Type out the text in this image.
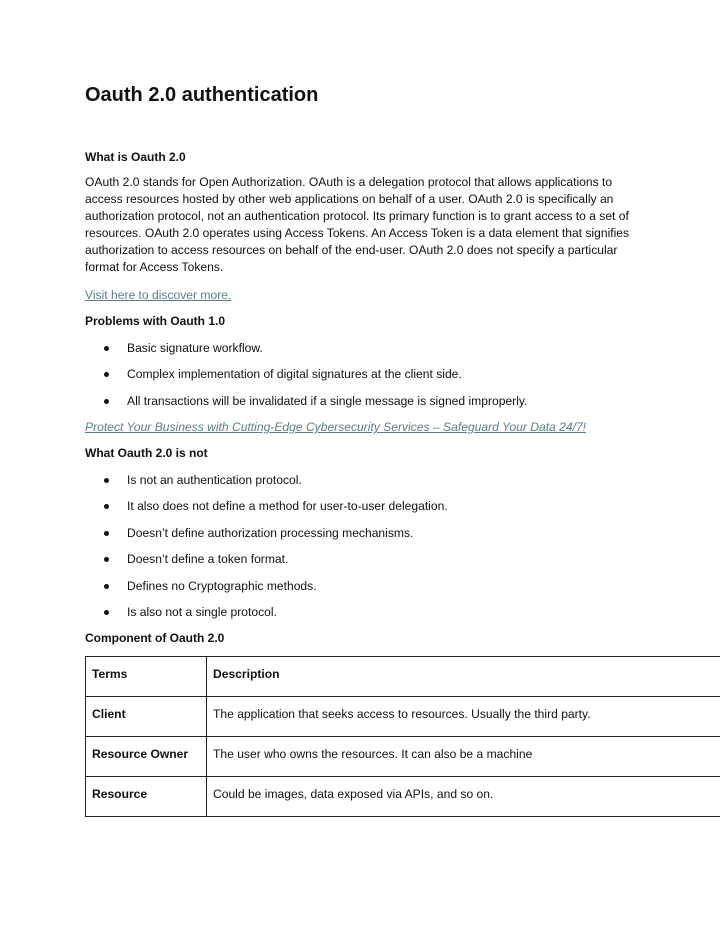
Oauth 2.0 authentication
What is Oauth 2.0

OAuth 2.0 stands for Open Authorization. OAuth is a delegation protocol that allows applications to access resources hosted by other web applications on behalf of a user. OAuth 2.0 is specifically an authorization protocol, not an authentication protocol. Its primary function is to grant access to a set of resources. OAuth 2.0 operates using Access Tokens. An Access Token is a data element that signifies authorization to access resources on behalf of the end-user. OAuth 2.0 does not specify a particular format for Access Tokens.

Visit here to discover more.
Problems with Oauth 1.0
Basic signature workflow.
Complex implementation of digital signatures at the client side.
All transactions will be invalidated if a single message is signed improperly.
Protect Your Business with Cutting-Edge Cybersecurity Services – Safeguard Your Data 24/7!
What Oauth 2.0 is not
Is not an authentication protocol.
It also does not define a method for user-to-user delegation.
Doesn’t define authorization processing mechanisms.
Doesn’t define a token format.
Defines no Cryptographic methods.
Is also not a single protocol.
Component of Oauth 2.0
Terms	Description
Client	The application that seeks access to resources. Usually the third party.
Resource Owner	The user who owns the resources. It can also be a machine
Resource	Could be images, data exposed via APIs, and so on.
